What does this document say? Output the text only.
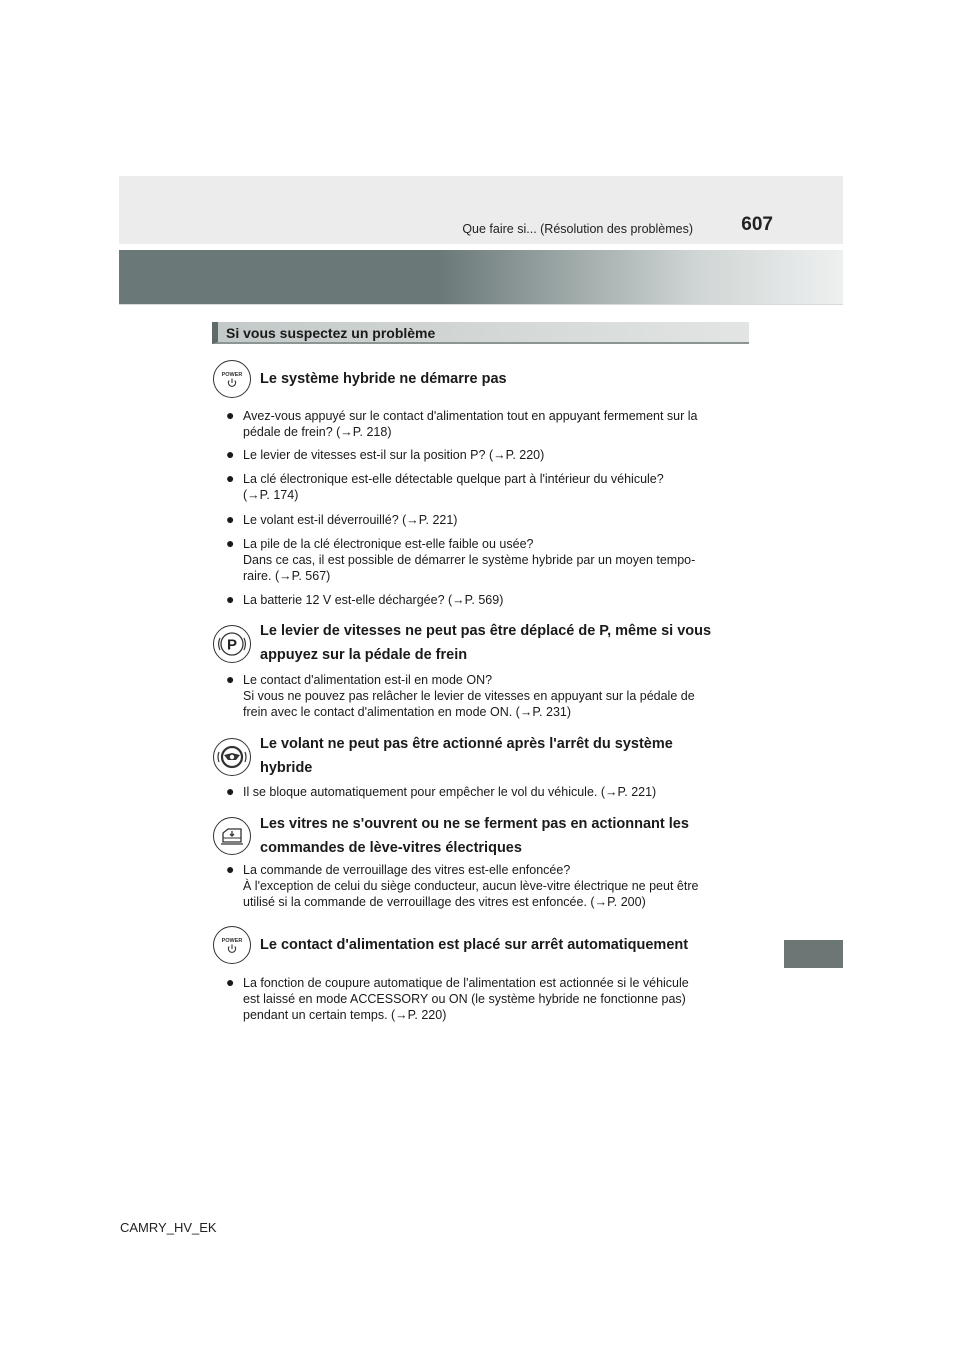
Que faire si... (Résolution des problèmes)	607
Si vous suspectez un problème
POWER Le système hybride ne démarre pas
● Avez-vous appuyé sur le contact d'alimentation tout en appuyant fermement sur la
pédale de frein? (→P. 218)
● Le levier de vitesses est-il sur la position P? (→P. 220)
● La clé électronique est-elle détectable quelque part à l'intérieur du véhicule?
(→P. 174)
● Le volant est-il déverrouillé? (→P. 221)
● La pile de la clé électronique est-elle faible ou usée?
Dans ce cas, il est possible de démarrer le système hybride par un moyen tempo-
raire. (→P. 567)
● La batterie 12 V est-elle déchargée? (→P. 569)
P
Le levier de vitesses ne peut pas être déplacé de P, même si vous
appuyez sur la pédale de frein
● Le contact d'alimentation est-il en mode ON?
Si vous ne pouvez pas relâcher le levier de vitesses en appuyant sur la pédale de
frein avec le contact d'alimentation en mode ON. (→P. 231)
Le volant ne peut pas être actionné après l'arrêt du système
hybride
● Il se bloque automatiquement pour empêcher le vol du véhicule. (→P. 221)
Les vitres ne s'ouvrent ou ne se ferment pas en actionnant les
commandes de lève-vitres électriques
● La commande de verrouillage des vitres est-elle enfoncée?
À l'exception de celui du siège conducteur, aucun lève-vitre électrique ne peut être
utilisé si la commande de verrouillage des vitres est enfoncée. (→P. 200)
POWER Le contact d'alimentation est placé sur arrêt automatiquement
● La fonction de coupure automatique de l'alimentation est actionnée si le véhicule
est laissé en mode ACCESSORY ou ON (le système hybride ne fonctionne pas)
pendant un certain temps. (→P. 220)
CAMRY_HV_EK
